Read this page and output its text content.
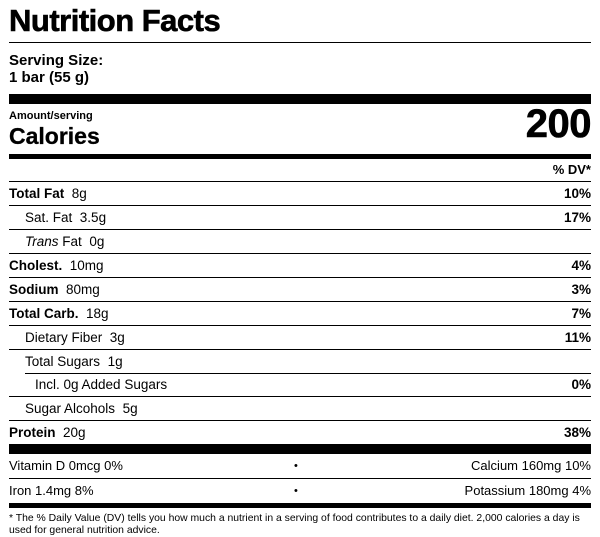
Nutrition Facts
Serving Size:
1 bar (55 g)
Amount/serving
Calories	200
% DV*
Total Fat 8g	10%
Sat. Fat 3.5g	17%
Trans Fat 0g
Cholest. 10mg	4%
Sodium 80mg	3%
Total Carb. 18g	7%
Dietary Fiber 3g	11%
Total Sugars 1g
Incl. 0g Added Sugars	0%
Sugar Alcohols 5g
Protein 20g	38%
Vitamin D 0mcg 0%	•	Calcium 160mg 10%
Iron 1.4mg 8%	•	Potassium 180mg 4%
* The % Daily Value (DV) tells you how much a nutrient in a serving of food contributes to a daily diet. 2,000 calories a day is used for general nutrition advice.
